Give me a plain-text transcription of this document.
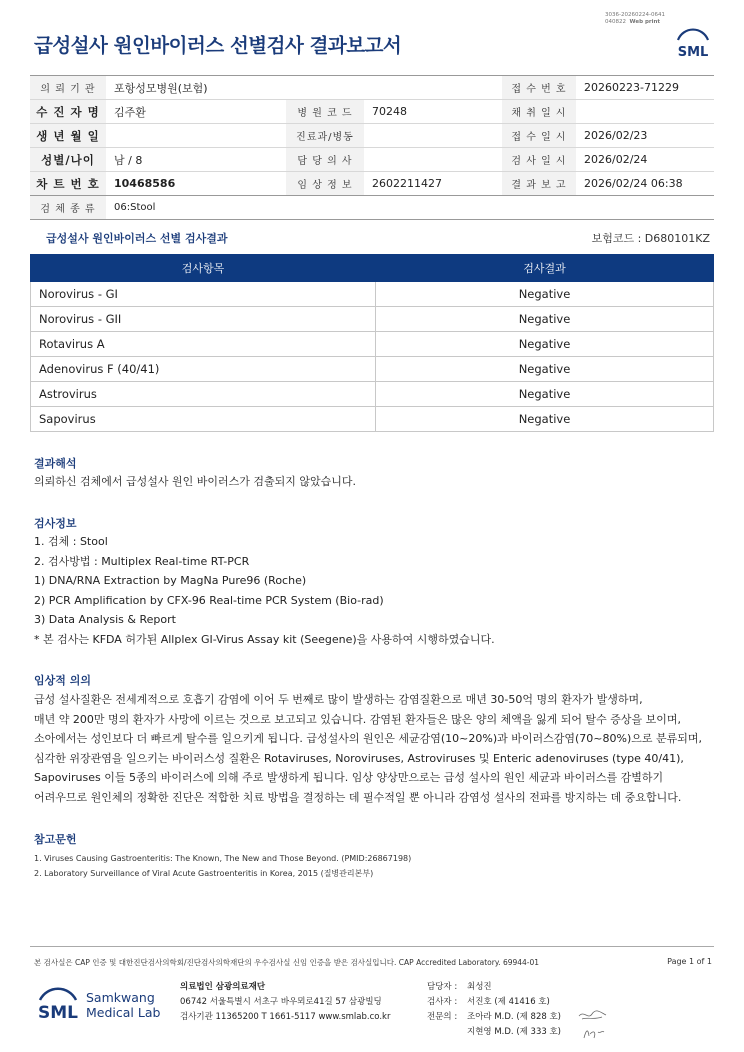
급성설사 원인바이러스 선별검사 결과보고서
3036-20260224-0641
040822 Web print
SML
의 뢰 기 관	포항성모병원(보험)			접 수 번 호	20260223-71229
수 진 자 명	김주환	병 원 코 드	70248	채 취 일 시	
생 년 월 일		진료과/병동		접 수 일 시	2026/02/23
성별/나이	남 / 8	담 당 의 사		검 사 일 시	2026/02/24
차 트 번 호	10468586	임 상 정 보	2602211427	결 과 보 고	2026/02/24 06:38
검 체 종 류	06:Stool				
급성설사 원인바이러스 선별 검사결과	보험코드 : D680101KZ
검사항목	검사결과
Norovirus - GI	Negative
Norovirus - GII	Negative
Rotavirus A	Negative
Adenovirus F (40/41)	Negative
Astrovirus	Negative
Sapovirus	Negative
결과해석
의뢰하신 검체에서 급성설사 원인 바이러스가 검출되지 않았습니다.
검사정보
1. 검체 : Stool
2. 검사방법 : Multiplex Real-time RT-PCR
1) DNA/RNA Extraction by MagNa Pure96 (Roche)
2) PCR Amplification by CFX-96 Real-time PCR System (Bio-rad)
3) Data Analysis & Report
* 본 검사는 KFDA 허가된 Allplex GI-Virus Assay kit (Seegene)을 사용하여 시행하였습니다.
임상적 의의
급성 설사질환은 전세계적으로 호흡기 감염에 이어 두 번째로 많이 발생하는 감염질환으로 매년 30-50억 명의 환자가 발생하며,
매년 약 200만 명의 환자가 사망에 이르는 것으로 보고되고 있습니다. 감염된 환자들은 많은 양의 체액을 잃게 되어 탈수 증상을 보이며,
소아에서는 성인보다 더 빠르게 탈수를 일으키게 됩니다. 급성설사의 원인은 세균감염(10~20%)과 바이러스감염(70~80%)으로 분류되며,
심각한 위장관염을 일으키는 바이러스성 질환은 Rotaviruses, Noroviruses, Astroviruses 및 Enteric adenoviruses (type 40/41),
Sapoviruses 이들 5종의 바이러스에 의해 주로 발생하게 됩니다. 임상 양상만으로는 급성 설사의 원인 세균과 바이러스를 감별하기
어려우므로 원인체의 정확한 진단은 적합한 치료 방법을 결정하는 데 필수적일 뿐 아니라 감염성 설사의 전파를 방지하는 데 중요합니다.
참고문헌
1. Viruses Causing Gastroenteritis: The Known, The New and Those Beyond. (PMID:26867198)
2. Laboratory Surveillance of Viral Acute Gastroenteritis in Korea, 2015 (질병관리본부)
본 검사실은 CAP 인증 및 대한진단검사의학회/진단검사의학재단의 우수검사실 신임 인증을 받은 검사실입니다. CAP Accredited Laboratory. 69944-01	Page 1 of 1
SML
Samkwang
Medical Lab
의료법인 삼광의료재단
06742 서울특별시 서초구 바우뫼로41길 57 삼광빌딩
검사기관 11365200 T 1661-5117 www.smlab.co.kr
담당자 : 최성진
검사자 : 서진호 (제 41416 호)
전문의 : 조아라 M.D. (제 828 호)
지현영 M.D. (제 333 호)
